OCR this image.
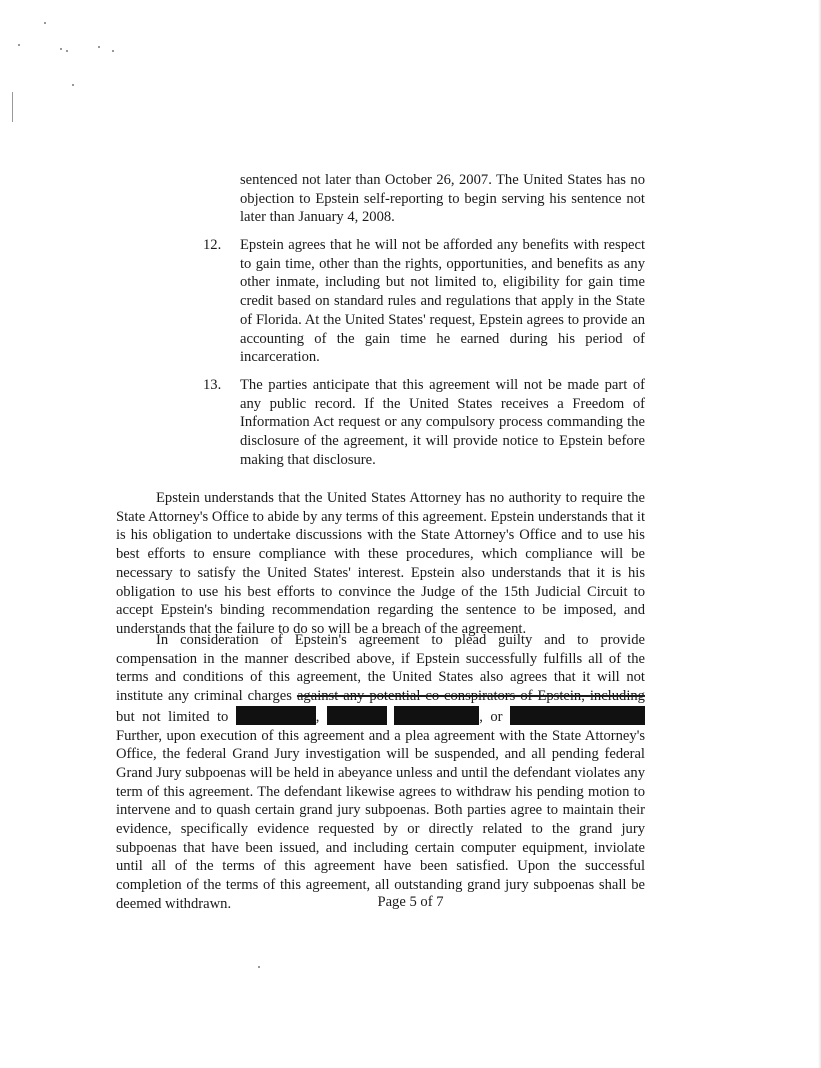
sentenced not later than October 26, 2007. The United States has no objection to Epstein self-reporting to begin serving his sentence not later than January 4, 2008.

12. Epstein agrees that he will not be afforded any benefits with respect to gain time, other than the rights, opportunities, and benefits as any other inmate, including but not limited to, eligibility for gain time credit based on standard rules and regulations that apply in the State of Florida. At the United States' request, Epstein agrees to provide an accounting of the gain time he earned during his period of incarceration.

13. The parties anticipate that this agreement will not be made part of any public record. If the United States receives a Freedom of Information Act request or any compulsory process commanding the disclosure of the agreement, it will provide notice to Epstein before making that disclosure.

Epstein understands that the United States Attorney has no authority to require the State Attorney's Office to abide by any terms of this agreement. Epstein understands that it is his obligation to undertake discussions with the State Attorney's Office and to use his best efforts to ensure compliance with these procedures, which compliance will be necessary to satisfy the United States' interest. Epstein also understands that it is his obligation to use his best efforts to convince the Judge of the 15th Judicial Circuit to accept Epstein's binding recommendation regarding the sentence to be imposed, and understands that the failure to do so will be a breach of the agreement.

In consideration of Epstein's agreement to plead guilty and to provide compensation in the manner described above, if Epstein successfully fulfills all of the terms and conditions of this agreement, the United States also agrees that it will not institute any criminal charges against any potential co-conspirators of Epstein, including but not limited to	,	, or  Further, upon execution of this agreement and a plea agreement with the State Attorney's Office, the federal Grand Jury investigation will be suspended, and all pending federal Grand Jury subpoenas will be held in abeyance unless and until the defendant violates any term of this agreement. The defendant likewise agrees to withdraw his pending motion to intervene and to quash certain grand jury subpoenas. Both parties agree to maintain their evidence, specifically evidence requested by or directly related to the grand jury subpoenas that have been issued, and including certain computer equipment, inviolate until all of the terms of this agreement have been satisfied. Upon the successful completion of the terms of this agreement, all outstanding grand jury subpoenas shall be deemed withdrawn.	Page 5 of 7
